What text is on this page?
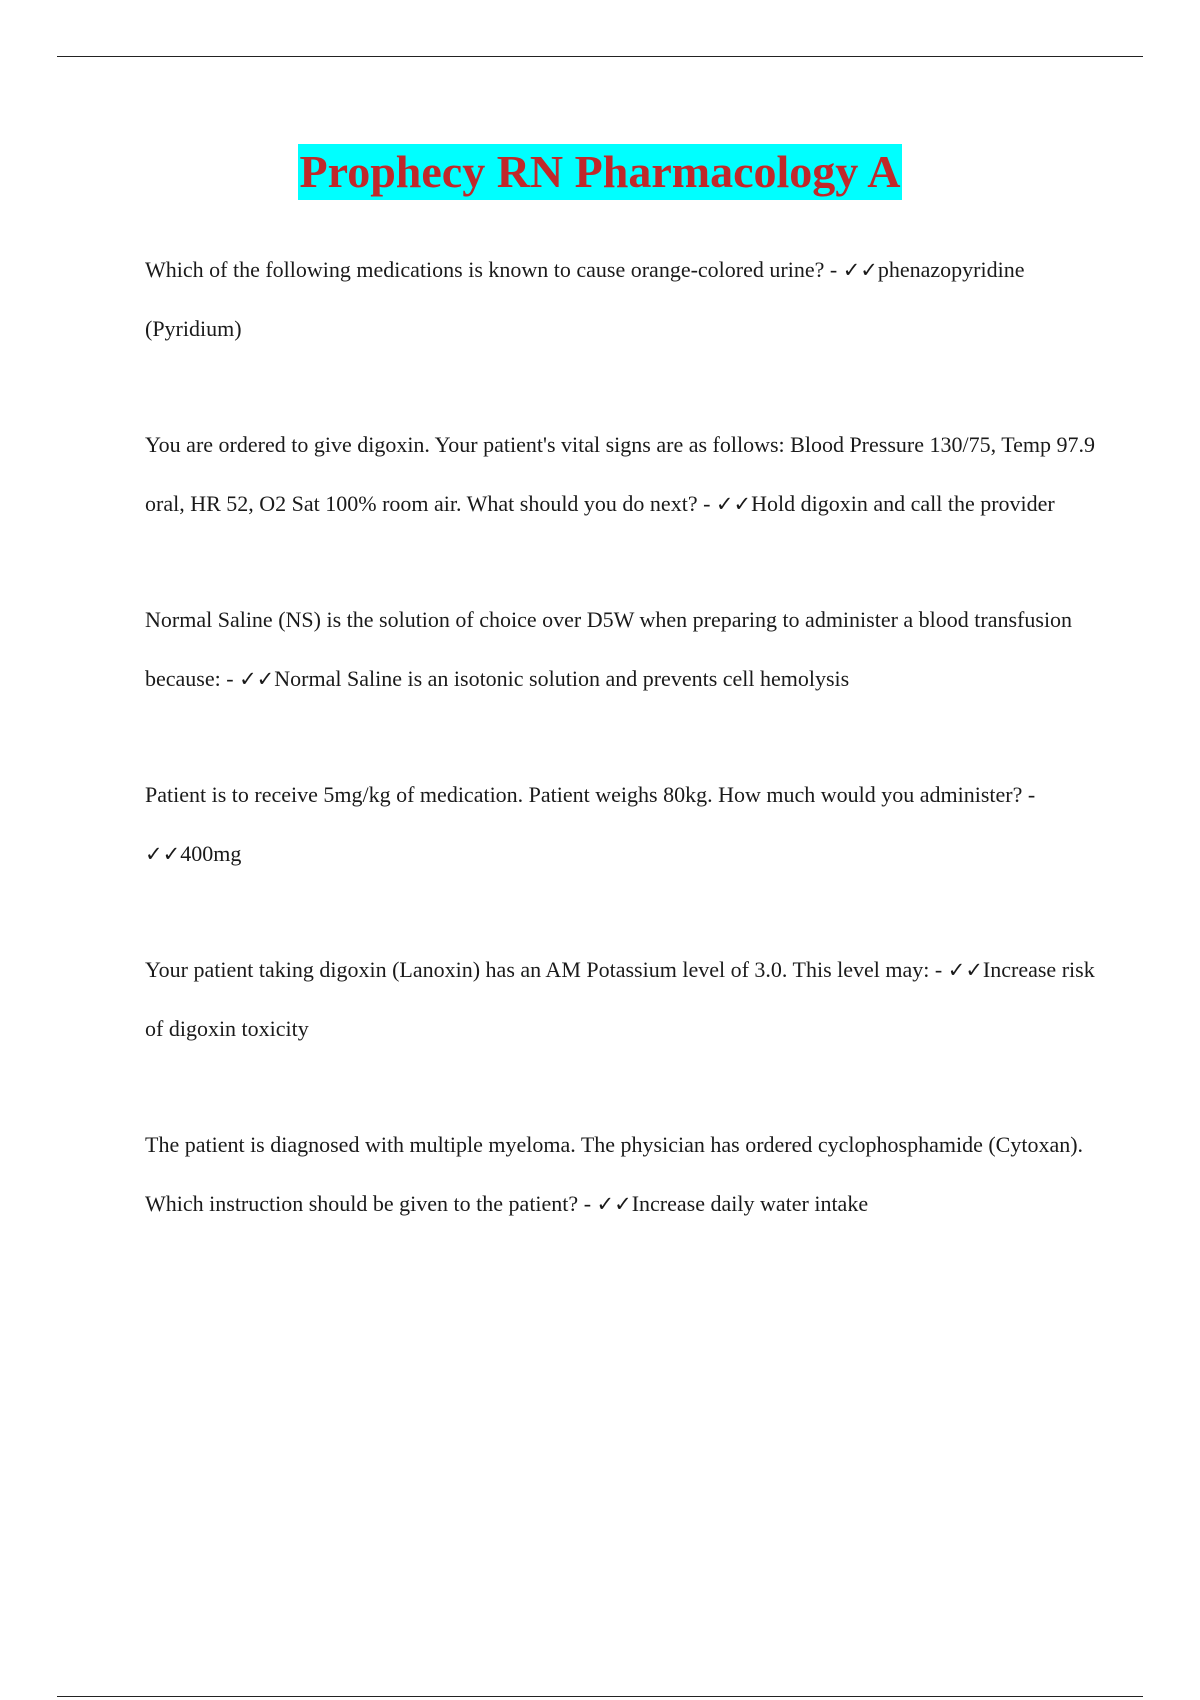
Prophecy RN Pharmacology A

Which of the following medications is known to cause orange-colored urine? - ✓✓phenazopyridine (Pyridium)

You are ordered to give digoxin. Your patient's vital signs are as follows: Blood Pressure 130/75, Temp 97.9 oral, HR 52, O2 Sat 100% room air. What should you do next? - ✓✓Hold digoxin and call the provider

Normal Saline (NS) is the solution of choice over D5W when preparing to administer a blood transfusion because: - ✓✓Normal Saline is an isotonic solution and prevents cell hemolysis

Patient is to receive 5mg/kg of medication. Patient weighs 80kg. How much would you administer? - ✓✓400mg

Your patient taking digoxin (Lanoxin) has an AM Potassium level of 3.0. This level may: - ✓✓Increase risk of digoxin toxicity

The patient is diagnosed with multiple myeloma. The physician has ordered cyclophosphamide (Cytoxan). Which instruction should be given to the patient? - ✓✓Increase daily water intake
